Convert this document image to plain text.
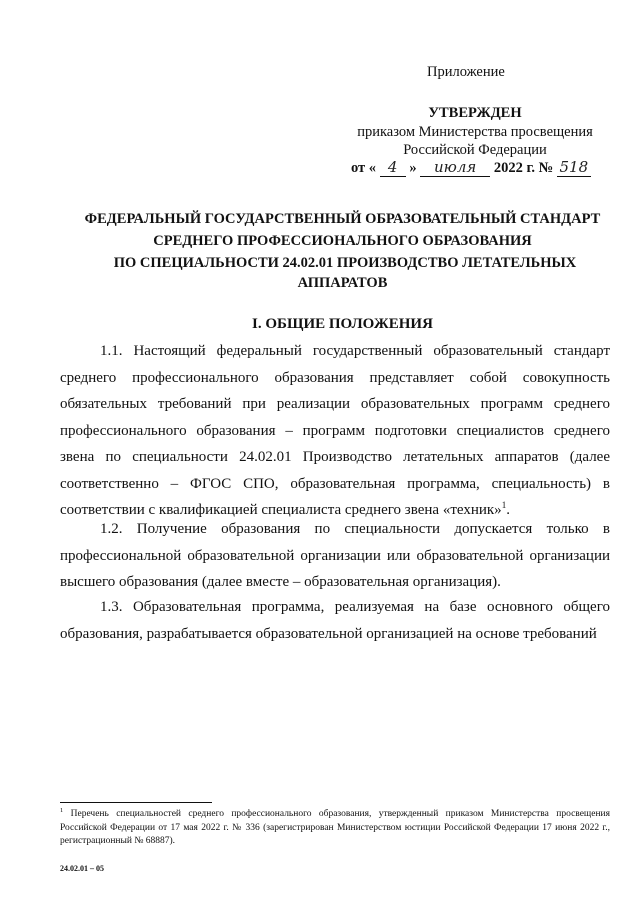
Приложение
УТВЕРЖДЕН
приказом Министерства просвещения
Российской Федерации
от « 4 » июля 2022 г. № 518
ФЕДЕРАЛЬНЫЙ ГОСУДАРСТВЕННЫЙ ОБРАЗОВАТЕЛЬНЫЙ СТАНДАРТ
СРЕДНЕГО ПРОФЕССИОНАЛЬНОГО ОБРАЗОВАНИЯ
ПО СПЕЦИАЛЬНОСТИ 24.02.01 ПРОИЗВОДСТВО ЛЕТАТЕЛЬНЫХ
АППАРАТОВ
I. ОБЩИЕ ПОЛОЖЕНИЯ

1.1. Настоящий федеральный государственный образовательный стандарт среднего профессионального образования представляет собой совокупность обязательных требований при реализации образовательных программ среднего профессионального образования – программ подготовки специалистов среднего звена по специальности 24.02.01 Производство летательных аппаратов (далее соответственно – ФГОС СПО, образовательная программа, специальность) в соответствии с квалификацией специалиста среднего звена «техник»$^1$.

1.2. Получение образования по специальности допускается только в профессиональной образовательной организации или образовательной организации высшего образования (далее вместе – образовательная организация).

1.3. Образовательная программа, реализуемая на базе основного общего образования, разрабатывается образовательной организацией на основе требований

$^1$ Перечень специальностей среднего профессионального образования, утвержденный приказом Министерства просвещения Российской Федерации от 17 мая 2022 г. № 336 (зарегистрирован Министерством юстиции Российской Федерации 17 июня 2022 г., регистрационный № 68887).
24.02.01 – 05
